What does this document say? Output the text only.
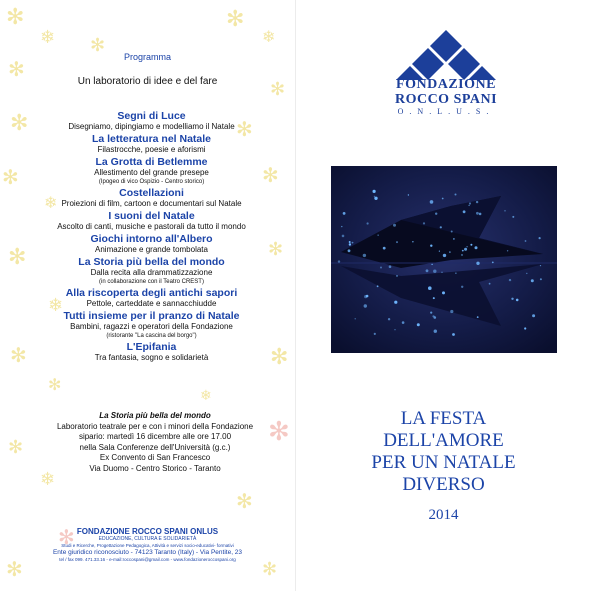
✻
❄
✻
✻
✻
❄
✻
✻	✻
✻
❄
✻
✻	✻
❄
✻	✻
✻
❄
✻
✻
❄
✻
✻
✻	✻
Programma
Un laboratorio di idee e del fare
Segni di Luce
Disegniamo, dipingiamo e modelliamo il Natale
La letteratura nel Natale
Filastrocche, poesie e aforismi
La Grotta di Betlemme
Allestimento del grande presepe
(Ipogeo di vico Ospizio - Centro storico)
Costellazioni
Proiezioni di film, cartoon e documentari sul Natale
I suoni del Natale
Ascolto di canti, musiche e pastorali da tutto il mondo
Giochi intorno all'Albero
Animazione e grande tombolata
La Storia più bella del mondo
Dalla recita alla drammatizzazione
(in collaborazione con il Teatro CREST)
Alla riscoperta degli antichi sapori
Pettole, carteddate e sannacchiudde
Tutti insieme per il pranzo di Natale
Bambini, ragazzi e operatori della Fondazione
(ristorante "La cascina del borgo")
L'Epifania
Tra fantasia, sogno e solidarietà
La Storia più bella del mondo
Laboratorio teatrale per e con i minori della Fondazione
sipario: martedì 16 dicembre alle ore 17.00
nella Sala Conferenze dell'Università (g.c.)
Ex Convento di San Francesco
Via Duomo - Centro Storico - Taranto
FONDAZIONE ROCCO SPANI ONLUS
EDUCAZIONE, CULTURA E SOLIDARIETÀ
Studi e Ricerche, Progettazione Pedagogica, Attività e servizi socio-educativi- formativi
Ente giuridico riconosciuto - 74123 Taranto (Italy) - Via Pentite, 23
tel / fax 099. 471.33.16 - e-mail:roccospani@gmail.com - www.fondazioneroccospani.org
FONDAZIONE
ROCCO SPANI
O.N.L.U.S.
LA FESTA
DELL'AMORE
PER UN NATALE
DIVERSO
2014
